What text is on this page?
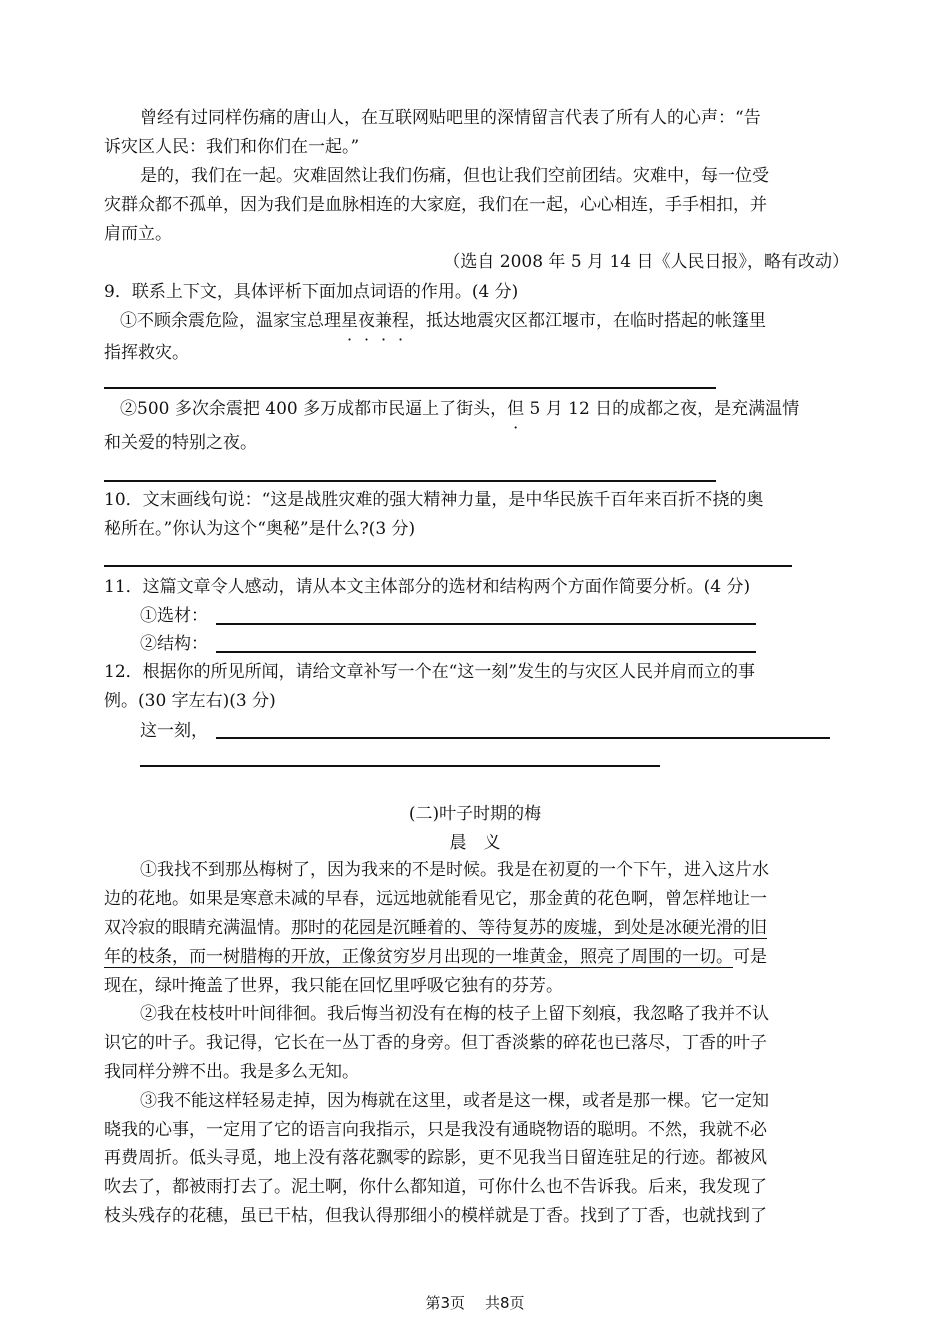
曾经有过同样伤痛的唐山人，在互联网贴吧里的深情留言代表了所有人的心声：“告
诉灾区人民：我们和你们在一起。”
是的，我们在一起。灾难固然让我们伤痛，但也让我们空前团结。灾难中，每一位受
灾群众都不孤单，因为我们是血脉相连的大家庭，我们在一起，心心相连，手手相扣，并
肩而立。
（选自 2008 年 5 月 14 日《人民日报》，略有改动）
9．联系上下文，具体评析下面加点词语的作用。(4 分)
①不顾余震危险，温家宝总理星夜兼程，抵达地震灾区都江堰市，在临时搭起的帐篷里
指挥救灾。
②500 多次余震把 400 多万成都市民逼上了街头，但 5 月 12 日的成都之夜，是充满温情
和关爱的特别之夜。
10．文末画线句说：“这是战胜灾难的强大精神力量，是中华民族千百年来百折不挠的奥
秘所在。”你认为这个“奥秘”是什么?(3 分)
11．这篇文章令人感动，请从本文主体部分的选材和结构两个方面作简要分析。(4 分)
①选材：
②结构：
12．根据你的所见所闻，请给文章补写一个在“这一刻”发生的与灾区人民并肩而立的事
例。(30 字左右)(3 分)
这一刻，
(二)叶子时期的梅
晨　义
①我找不到那丛梅树了，因为我来的不是时候。我是在初夏的一个下午，进入这片水
边的花地。如果是寒意未减的早春，远远地就能看见它，那金黄的花色啊，曾怎样地让一
双冷寂的眼睛充满温情。那时的花园是沉睡着的、等待复苏的废墟，到处是冰硬光滑的旧
年的枝条，而一树腊梅的开放，正像贫穷岁月出现的一堆黄金，照亮了周围的一切。可是
现在，绿叶掩盖了世界，我只能在回忆里呼吸它独有的芬芳。
②我在枝枝叶叶间徘徊。我后悔当初没有在梅的枝子上留下刻痕，我忽略了我并不认
识它的叶子。我记得，它长在一丛丁香的身旁。但丁香淡紫的碎花也已落尽，丁香的叶子
我同样分辨不出。我是多么无知。
③我不能这样轻易走掉，因为梅就在这里，或者是这一棵，或者是那一棵。它一定知
晓我的心事，一定用了它的语言向我指示，只是我没有通晓物语的聪明。不然，我就不必
再费周折。低头寻觅，地上没有落花飘零的踪影，更不见我当日留连驻足的行迹。都被风
吹去了，都被雨打去了。泥土啊，你什么都知道，可你什么也不告诉我。后来，我发现了
枝头残存的花穗，虽已干枯，但我认得那细小的模样就是丁香。找到了丁香，也就找到了
第3页 共8页
